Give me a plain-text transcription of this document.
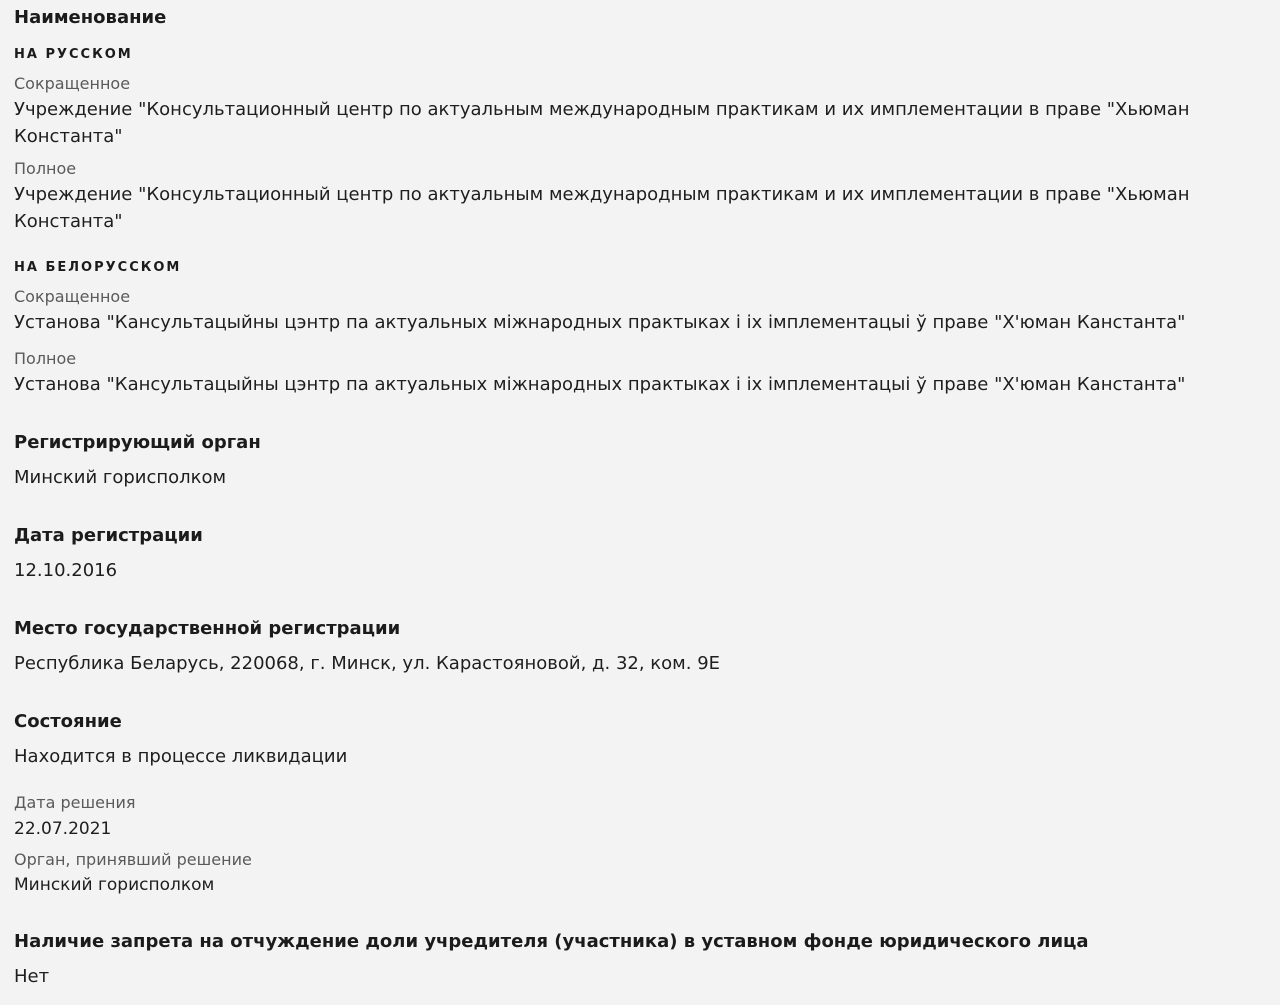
Наименование
НА РУССКОМ
Сокращенное
Учреждение "Консультационный центр по актуальным международным практикам и их имплементации в праве "Хьюман Константа"
Полное
Учреждение "Консультационный центр по актуальным международным практикам и их имплементации в праве "Хьюман Константа"
НА БЕЛОРУССКОМ
Сокращенное
Установа "Кансультацыйны цэнтр па актуальных міжнародных практыках і іх імплементацыі ў праве "Х'юман Канстанта"
Полное
Установа "Кансультацыйны цэнтр па актуальных міжнародных практыках і іх імплементацыі ў праве "Х'юман Канстанта"
Регистрирующий орган
Минский горисполком
Дата регистрации
12.10.2016
Место государственной регистрации
Республика Беларусь, 220068, г. Минск, ул. Карастояновой, д. 32, ком. 9Е
Состояние
Находится в процессе ликвидации
Дата решения
22.07.2021
Орган, принявший решение
Минский горисполком
Наличие запрета на отчуждение доли учредителя (участника) в уставном фонде юридического лица
Нет
